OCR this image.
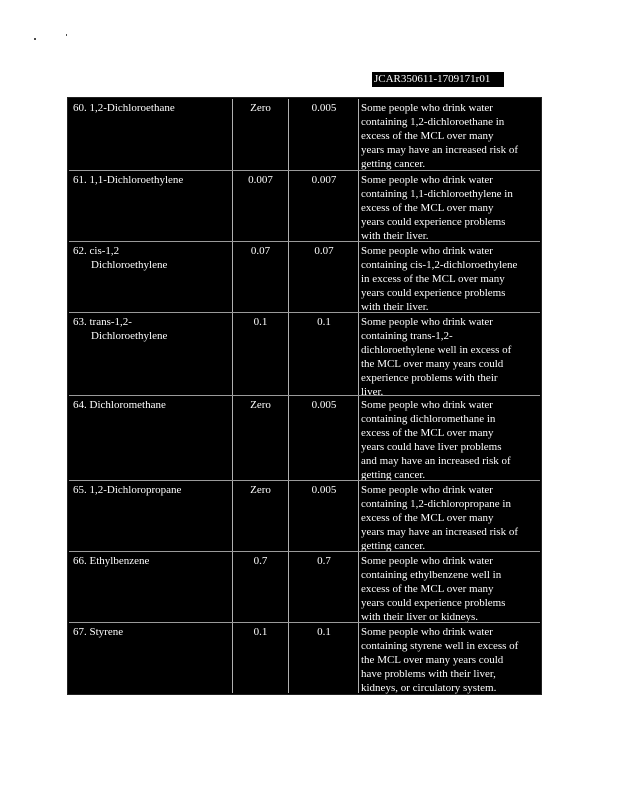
JCAR350611-1709171r01
60. 1,2-Dichloroethane	Zero	0.005	Some people who drink water
containing 1,2-dichloroethane in
excess of the MCL over many
years may have an increased risk of
getting cancer.
61. 1,1-Dichloroethylene	0.007	0.007	Some people who drink water
containing 1,1-dichloroethylene in
excess of the MCL over many
years could experience problems
with their liver.
62. cis-1,2
Dichloroethylene
0.07	0.07	Some people who drink water
containing cis-1,2-dichloroethylene
in excess of the MCL over many
years could experience problems
with their liver.
63. trans-1,2-
Dichloroethylene
0.1	0.1	Some people who drink water
containing trans-1,2-
dichloroethylene well in excess of
the MCL over many years could
experience problems with their
liver.
64. Dichloromethane	Zero	0.005	Some people who drink water
containing dichloromethane in
excess of the MCL over many
years could have liver problems
and may have an increased risk of
getting cancer.
65. 1,2-Dichloropropane	Zero	0.005	Some people who drink water
containing 1,2-dichloropropane in
excess of the MCL over many
years may have an increased risk of
getting cancer.
66. Ethylbenzene	0.7	0.7	Some people who drink water
containing ethylbenzene well in
excess of the MCL over many
years could experience problems
with their liver or kidneys.
67. Styrene	0.1	0.1	Some people who drink water
containing styrene well in excess of
the MCL over many years could
have problems with their liver,
kidneys, or circulatory system.
